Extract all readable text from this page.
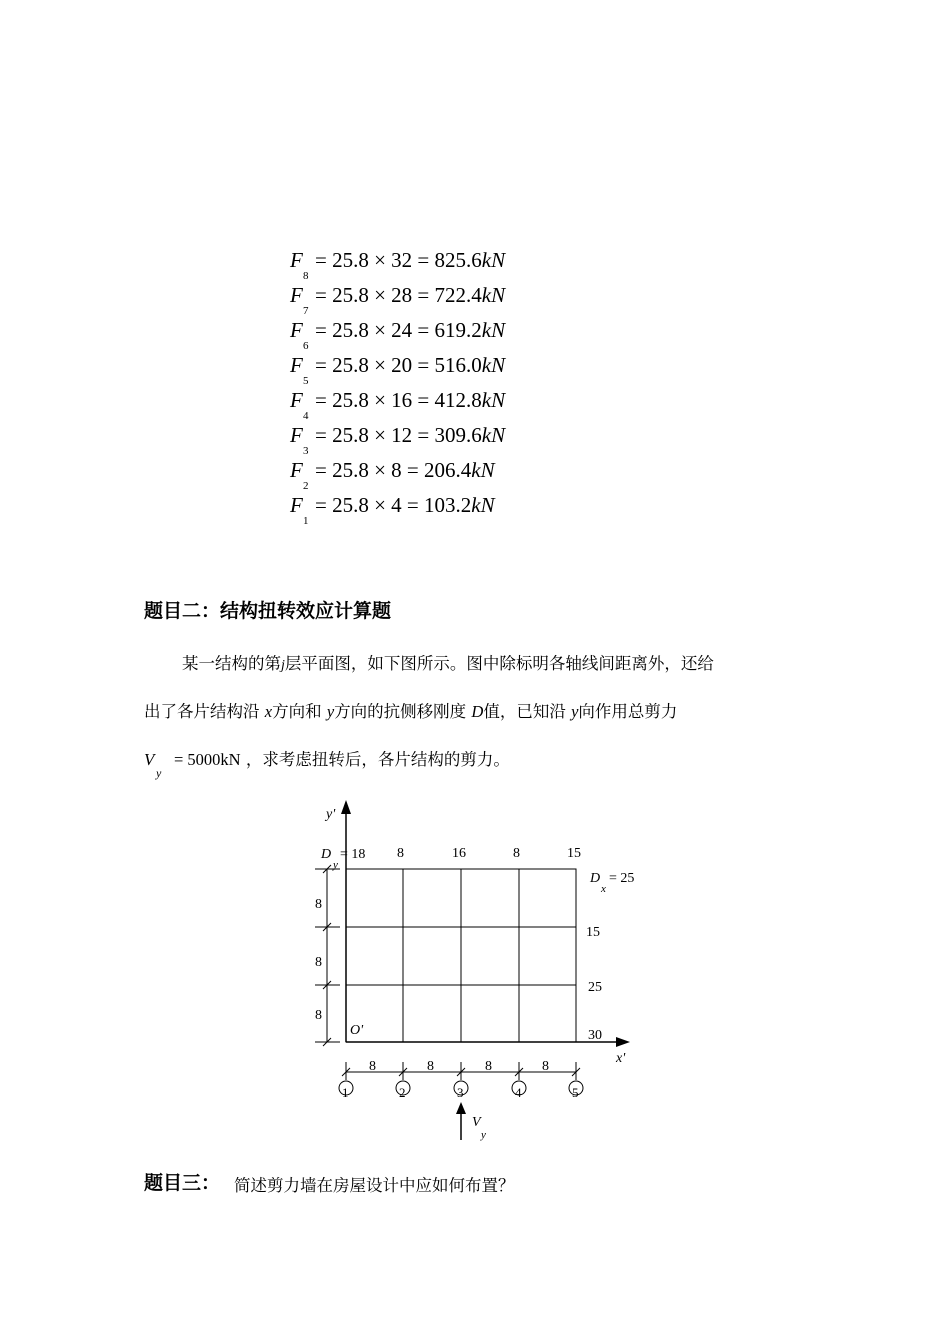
F
8
= 25.8 × 32 = 825.6kN
F
7
= 25.8 × 28 = 722.4kN
F
6
= 25.8 × 24 = 619.2kN
F
5
= 25.8 × 20 = 516.0kN
F
4
= 25.8 × 16 = 412.8kN
F
3
= 25.8 × 12 = 309.6kN
F
2
= 25.8 × 8 = 206.4kN
F
1
= 25.8 × 4 = 103.2kN
题目二：结构扭转效应计算题
某一结构的第j层平面图，如下图所示。图中除标明各轴线间距离外，还给
出了各片结构沿 x方向和 y方向的抗侧移刚度 D值，已知沿 y向作用总剪力
V
y
= 5000kN ，求考虑扭转后，各片结构的剪力。
y'
x'
O'
D
y
= 18 8	16	8	15
D
x
= 25
15
25
30
8
8
8
8	8	8	8
1	2	3	4	5
V
y
题目三： 简述剪力墙在房屋设计中应如何布置？
